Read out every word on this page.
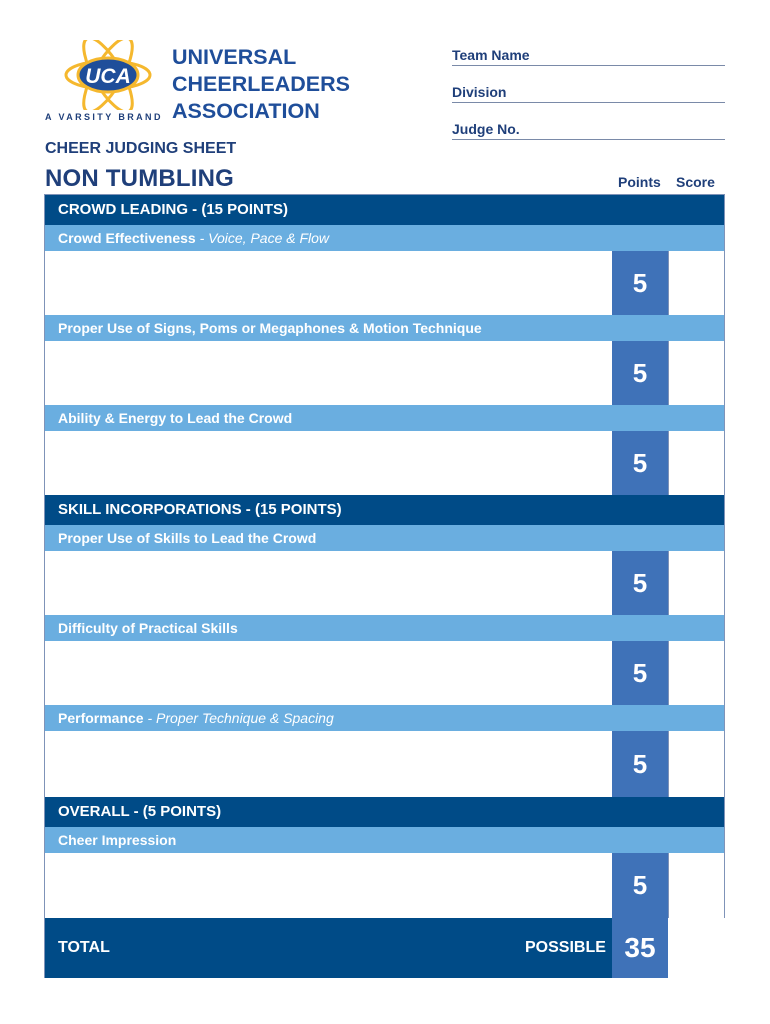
UCA
A VARSITY BRAND
UNIVERSAL
CHEERLEADERS
ASSOCIATION
Team Name
Division
Judge No.
CHEER JUDGING SHEET
NON TUMBLING	Points Score
CROWD LEADING - (15 POINTS)
Crowd Effectiveness - Voice, Pace & Flow
5
Proper Use of Signs, Poms or Megaphones & Motion Technique
5
Ability & Energy to Lead the Crowd
5
SKILL INCORPORATIONS - (15 POINTS)
Proper Use of Skills to Lead the Crowd
5
Difficulty of Practical Skills
5
Performance - Proper Technique & Spacing
5
OVERALL - (5 POINTS)
Cheer Impression
5
TOTAL	POSSIBLE 35
